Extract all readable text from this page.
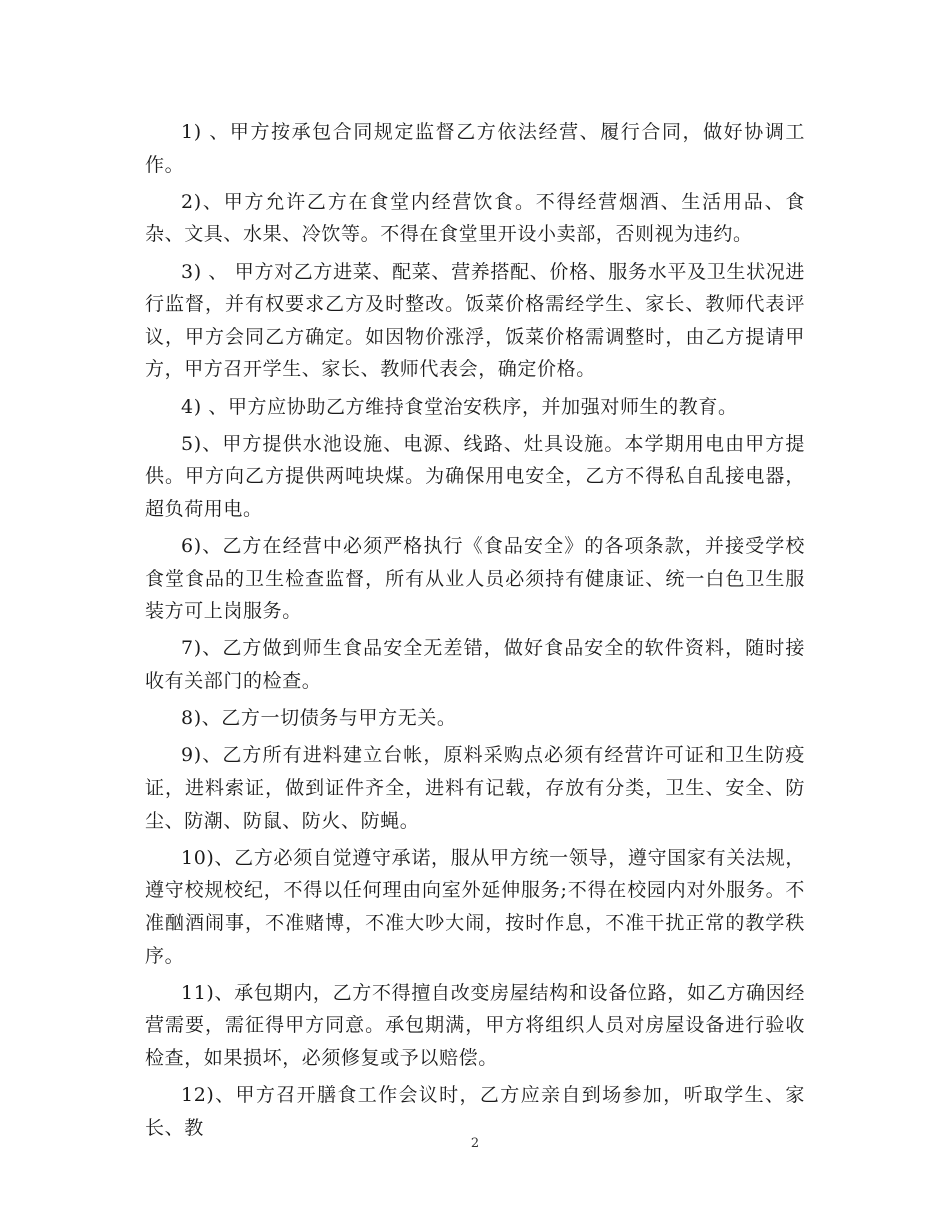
1) 、甲方按承包合同规定监督乙方依法经营、履行合同，做好协调工作。

2)、甲方允许乙方在食堂内经营饮食。不得经营烟酒、生活用品、食杂、文具、水果、冷饮等。不得在食堂里开设小卖部，否则视为违约。

3) 、 甲方对乙方进菜、配菜、营养搭配、价格、服务水平及卫生状况进行监督，并有权要求乙方及时整改。饭菜价格需经学生、家长、教师代表评议，甲方会同乙方确定。如因物价涨浮，饭菜价格需调整时，由乙方提请甲方，甲方召开学生、家长、教师代表会，确定价格。

4) 、甲方应协助乙方维持食堂治安秩序，并加强对师生的教育。

5)、甲方提供水池设施、电源、线路、灶具设施。本学期用电由甲方提供。甲方向乙方提供两吨块煤。为确保用电安全，乙方不得私自乱接电器，超负荷用电。

6)、乙方在经营中必须严格执行《食品安全》的各项条款，并接受学校食堂食品的卫生检查监督，所有从业人员必须持有健康证、统一白色卫生服装方可上岗服务。

7)、乙方做到师生食品安全无差错，做好食品安全的软件资料，随时接收有关部门的检查。

8)、乙方一切债务与甲方无关。

9)、乙方所有进料建立台帐，原料采购点必须有经营许可证和卫生防疫证，进料索证，做到证件齐全，进料有记载，存放有分类，卫生、安全、防尘、防潮、防鼠、防火、防蝇。

10)、乙方必须自觉遵守承诺，服从甲方统一领导，遵守国家有关法规，遵守校规校纪，不得以任何理由向室外延伸服务;不得在校园内对外服务。不准酗酒闹事，不准赌博，不准大吵大闹，按时作息，不准干扰正常的教学秩序。

11)、承包期内，乙方不得擅自改变房屋结构和设备位路，如乙方确因经营需要，需征得甲方同意。承包期满，甲方将组织人员对房屋设备进行验收检查，如果损坏，必须修复或予以赔偿。

12)、甲方召开膳食工作会议时，乙方应亲自到场参加，听取学生、家长、教

2
